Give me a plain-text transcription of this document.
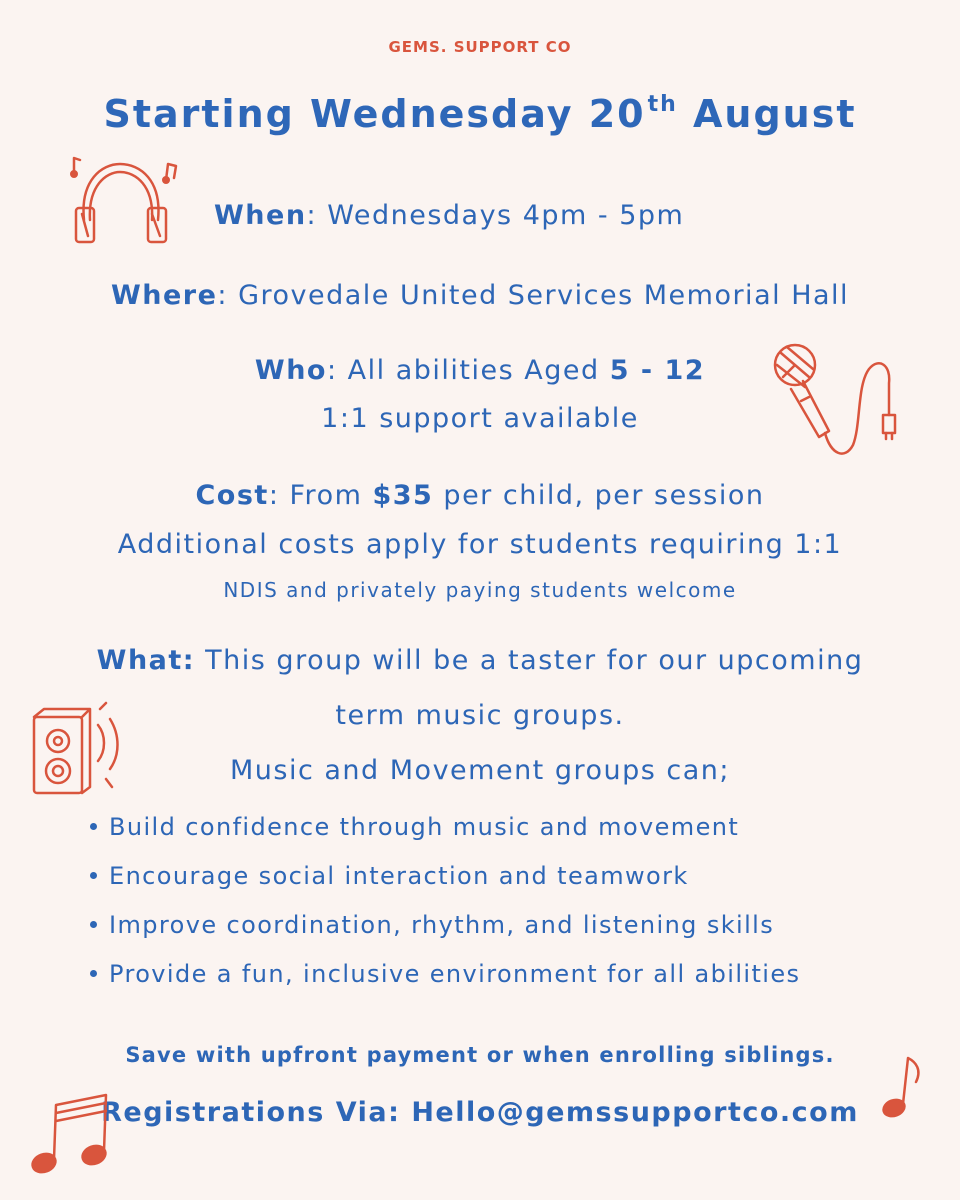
GEMS. SUPPORT CO
Starting Wednesday 20th August
When: Wednesdays 4pm - 5pm
Where: Grovedale United Services Memorial Hall
Who: All abilities Aged 5 - 12
1:1 support available
Cost: From $35 per child, per session
Additional costs apply for students requiring 1:1
NDIS and privately paying students welcome
What: This group will be a taster for our upcoming
term music groups.
Music and Movement groups can;
Build confidence through music and movement
Encourage social interaction and teamwork
Improve coordination, rhythm, and listening skills
Provide a fun, inclusive environment for all abilities
Save with upfront payment or when enrolling siblings.
Registrations Via: Hello@gemssupportco.com
